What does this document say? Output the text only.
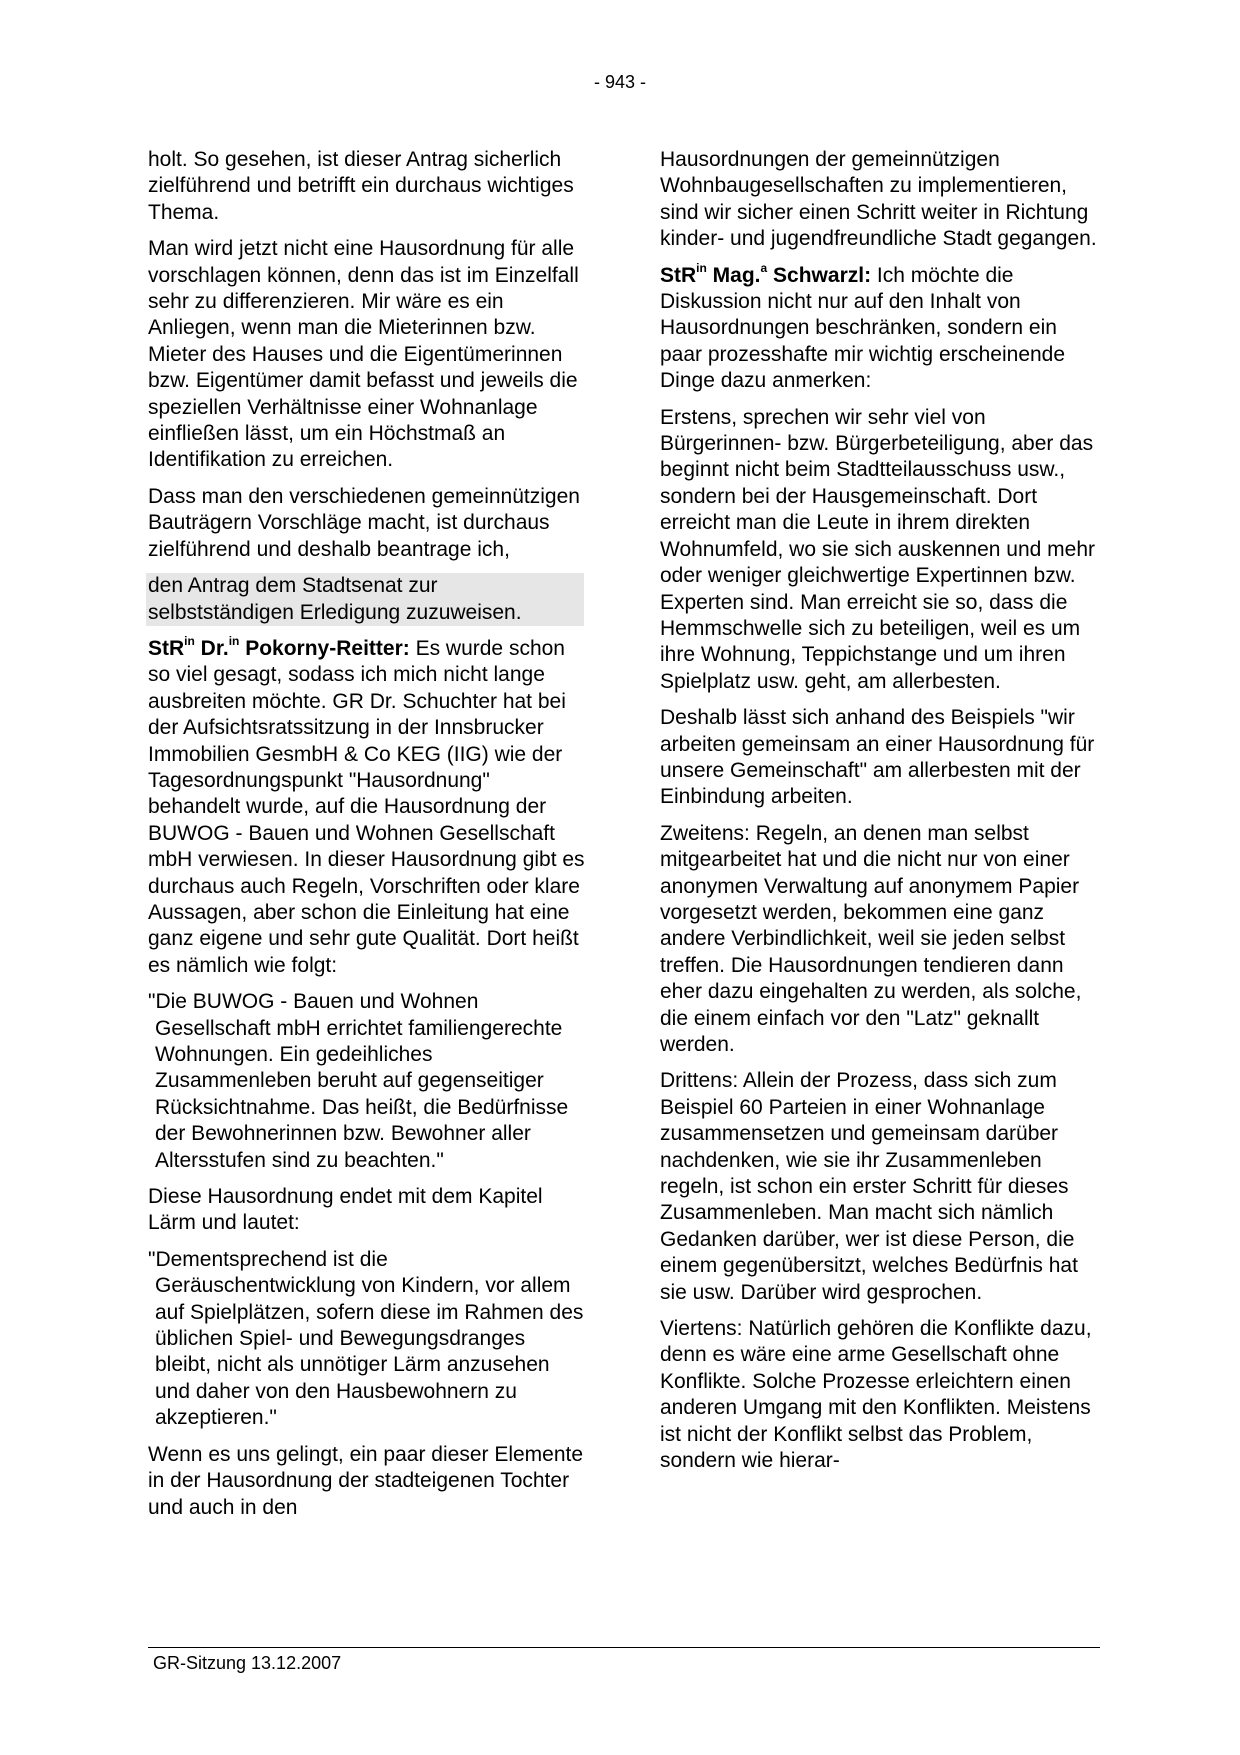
- 943 -

holt. So gesehen, ist dieser Antrag sicherlich zielführend und betrifft ein durchaus wichtiges Thema.

Man wird jetzt nicht eine Hausordnung für alle vorschlagen können, denn das ist im Einzelfall sehr zu differenzieren. Mir wäre es ein Anliegen, wenn man die Mieterinnen bzw. Mieter des Hauses und die Eigentümerinnen bzw. Eigentümer damit befasst und jeweils die speziellen Verhältnisse einer Wohnanlage einfließen lässt, um ein Höchstmaß an Identifikation zu erreichen.

Dass man den verschiedenen gemeinnützigen Bauträgern Vorschläge macht, ist durchaus zielführend und deshalb beantrage ich,

den Antrag dem Stadtsenat zur selbstständigen Erledigung zuzuweisen.

StR$^{in}$ Dr.$^{in}$ Pokorny-Reitter: Es wurde schon so viel gesagt, sodass ich mich nicht lange ausbreiten möchte. GR Dr. Schuchter hat bei der Aufsichtsratssitzung in der Innsbrucker Immobilien GesmbH & Co KEG (IIG) wie der Tagesordnungspunkt "Hausordnung" behandelt wurde, auf die Hausordnung der BUWOG - Bauen und Wohnen Gesellschaft mbH verwiesen. In dieser Hausordnung gibt es durchaus auch Regeln, Vorschriften oder klare Aussagen, aber schon die Einleitung hat eine ganz eigene und sehr gute Qualität. Dort heißt es nämlich wie folgt:

"Die BUWOG - Bauen und Wohnen Gesellschaft mbH errichtet familiengerechte Wohnungen. Ein gedeihliches Zusammenleben beruht auf gegenseitiger Rücksichtnahme. Das heißt, die Bedürfnisse der Bewohnerinnen bzw. Bewohner aller Altersstufen sind zu beachten."

Diese Hausordnung endet mit dem Kapitel Lärm und lautet:

"Dementsprechend ist die Geräuschentwicklung von Kindern, vor allem auf Spielplätzen, sofern diese im Rahmen des üblichen Spiel- und Bewegungsdranges bleibt, nicht als unnötiger Lärm anzusehen und daher von den Hausbewohnern zu akzeptieren."

Wenn es uns gelingt, ein paar dieser Elemente in der Hausordnung der stadteigenen Tochter und auch in den

Hausordnungen der gemeinnützigen Wohnbaugesellschaften zu implementieren, sind wir sicher einen Schritt weiter in Richtung kinder- und jugendfreundliche Stadt gegangen.

StR$^{in}$ Mag.$^a$ Schwarzl: Ich möchte die Diskussion nicht nur auf den Inhalt von Hausordnungen beschränken, sondern ein paar prozesshafte mir wichtig erscheinende Dinge dazu anmerken:

Erstens, sprechen wir sehr viel von Bürgerinnen- bzw. Bürgerbeteiligung, aber das beginnt nicht beim Stadtteilausschuss usw., sondern bei der Hausgemeinschaft. Dort erreicht man die Leute in ihrem direkten Wohnumfeld, wo sie sich auskennen und mehr oder weniger gleichwertige Expertinnen bzw. Experten sind. Man erreicht sie so, dass die Hemmschwelle sich zu beteiligen, weil es um ihre Wohnung, Teppichstange und um ihren Spielplatz usw. geht, am allerbesten.

Deshalb lässt sich anhand des Beispiels "wir arbeiten gemeinsam an einer Hausordnung für unsere Gemeinschaft" am allerbesten mit der Einbindung arbeiten.

Zweitens: Regeln, an denen man selbst mitgearbeitet hat und die nicht nur von einer anonymen Verwaltung auf anonymem Papier vorgesetzt werden, bekommen eine ganz andere Verbindlichkeit, weil sie jeden selbst treffen. Die Hausordnungen tendieren dann eher dazu eingehalten zu werden, als solche, die einem einfach vor den "Latz" geknallt werden.

Drittens: Allein der Prozess, dass sich zum Beispiel 60 Parteien in einer Wohnanlage zusammensetzen und gemeinsam darüber nachdenken, wie sie ihr Zusammenleben regeln, ist schon ein erster Schritt für dieses Zusammenleben. Man macht sich nämlich Gedanken darüber, wer ist diese Person, die einem gegenübersitzt, welches Bedürfnis hat sie usw. Darüber wird gesprochen.

Viertens: Natürlich gehören die Konflikte dazu, denn es wäre eine arme Gesellschaft ohne Konflikte. Solche Prozesse erleichtern einen anderen Umgang mit den Konflikten. Meistens ist nicht der Konflikt selbst das Problem, sondern wie hierar-

GR-Sitzung 13.12.2007
